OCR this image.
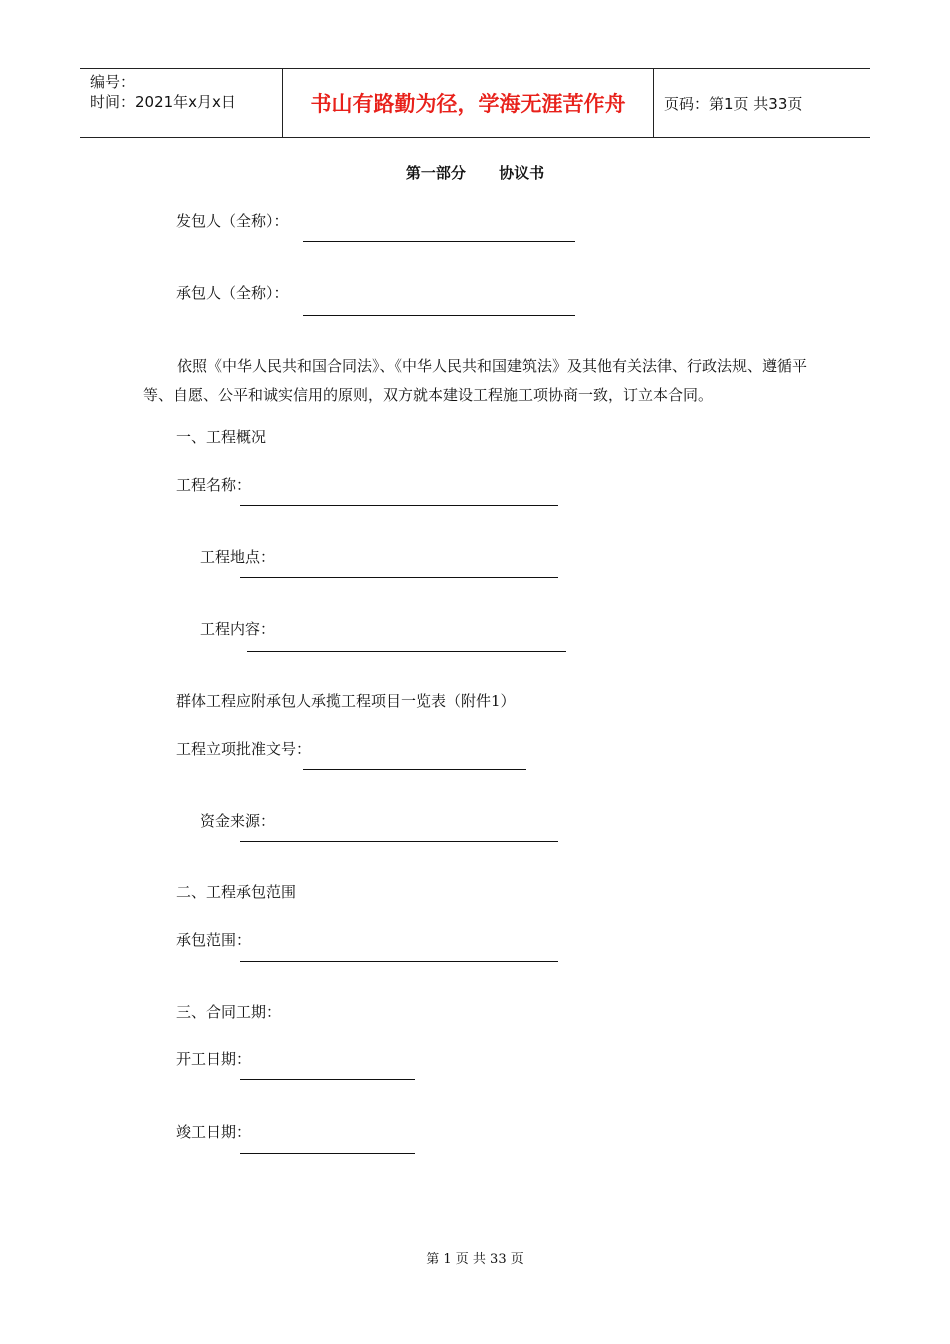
编号：
时间：2021年x月x日	书山有路勤为径，学海无涯苦作舟	页码：第1页 共33页
第一部分 协议书
发包人（全称）：
承包人（全称）：
依照《中华人民共和国合同法》、《中华人民共和国建筑法》及其他有关法律、行政法规、遵循平等、自愿、公平和诚实信用的原则，双方就本建设工程施工项协商一致，订立本合同。
一、工程概况
工程名称：
工程地点：
工程内容：
群体工程应附承包人承揽工程项目一览表（附件1）
工程立项批准文号：
资金来源：
二、工程承包范围
承包范围：
三、合同工期：
开工日期：
竣工日期：
第 1 页 共 33 页
